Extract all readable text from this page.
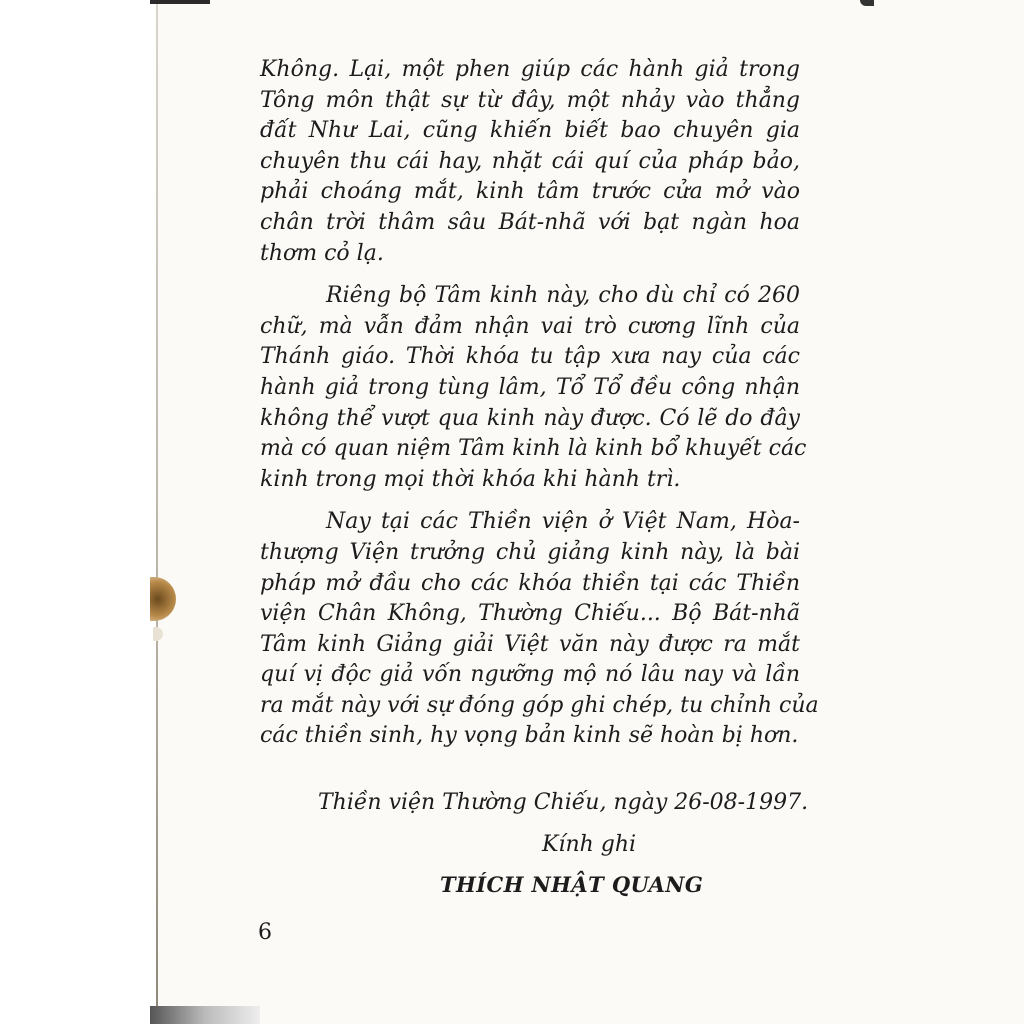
Không. Lại, một phen giúp các hành giả trong
Tông môn thật sự từ đây, một nhảy vào thẳng
đất Như Lai, cũng khiến biết bao chuyên gia
chuyên thu cái hay, nhặt cái quí của pháp bảo,
phải choáng mắt, kinh tâm trước cửa mở vào
chân trời thâm sâu Bát-nhã với bạt ngàn hoa
thơm cỏ lạ.
Riêng bộ Tâm kinh này, cho dù chỉ có 260
chữ, mà vẫn đảm nhận vai trò cương lĩnh của
Thánh giáo. Thời khóa tu tập xưa nay của các
hành giả trong tùng lâm, Tổ Tổ đều công nhận
không thể vượt qua kinh này được. Có lẽ do đây
mà có quan niệm Tâm kinh là kinh bổ khuyết các
kinh trong mọi thời khóa khi hành trì.
Nay tại các Thiền viện ở Việt Nam, Hòa-
thượng Viện trưởng chủ giảng kinh này, là bài
pháp mở đầu cho các khóa thiền tại các Thiền
viện Chân Không, Thường Chiếu... Bộ Bát-nhã
Tâm kinh Giảng giải Việt văn này được ra mắt
quí vị độc giả vốn ngưỡng mộ nó lâu nay và lần
ra mắt này với sự đóng góp ghi chép, tu chỉnh của
các thiền sinh, hy vọng bản kinh sẽ hoàn bị hơn.
Thiền viện Thường Chiếu, ngày 26-08-1997.
Kính ghi
THÍCH NHẬT QUANG
6
